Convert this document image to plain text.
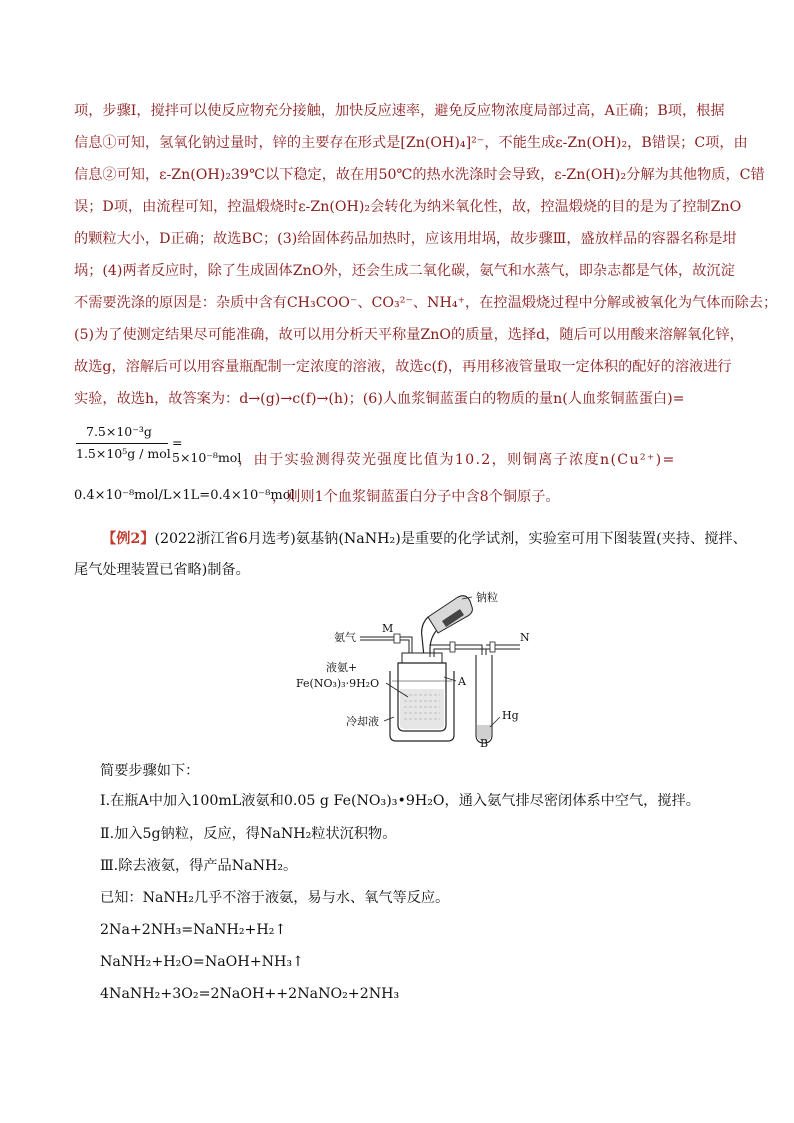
项，步骤Ⅰ，搅拌可以使反应物充分接触，加快反应速率，避免反应物浓度局部过高，A正确；B项，根据
信息①可知，氢氧化钠过量时，锌的主要存在形式是[Zn(OH)₄]²⁻，不能生成ε-Zn(OH)₂，B错误；C项，由
信息②可知，ε-Zn(OH)₂39℃以下稳定，故在用50℃的热水洗涤时会导致，ε-Zn(OH)₂分解为其他物质，C错
误；D项，由流程可知，控温煅烧时ε-Zn(OH)₂会转化为纳米氧化性，故，控温煅烧的目的是为了控制ZnO
的颗粒大小，D正确；故选BC；(3)给固体药品加热时，应该用坩埚，故步骤Ⅲ，盛放样品的容器名称是坩
埚；(4)两者反应时，除了生成固体ZnO外，还会生成二氧化碳，氨气和水蒸气，即杂志都是气体，故沉淀
不需要洗涤的原因是：杂质中含有CH₃COO⁻、CO₃²⁻、NH₄⁺，在控温煅烧过程中分解或被氧化为气体而除去；
(5)为了使测定结果尽可能准确，故可以用分析天平称量ZnO的质量，选择d，随后可以用酸来溶解氧化锌，
故选g，溶解后可以用容量瓶配制一定浓度的溶液，故选c(f)，再用移液管量取一定体积的配好的溶液进行
实验，故选h，故答案为：d→(g)→c(f)→(h)；(6)人血浆铜蓝蛋白的物质的量n(人血浆铜蓝蛋白)=
7.5×10⁻³g
1.5×10⁵g / mol
= 5×10⁻⁸mol
，由于实验测得荧光强度比值为10.2，则铜离子浓度n(Cu²⁺)=
0.4×10⁻⁸mol/L×1L=0.4×10⁻⁸mol
，则则1个血浆铜蓝蛋白分子中含8个铜原子。
【例2】(2022浙江省6月选考)氨基钠(NaNH₂)是重要的化学试剂，实验室可用下图装置(夹持、搅拌、
尾气处理装置已省略)制备。
钠粒
氨气
M
液氨+
Fe(NO₃)₃·9H₂O	A
冷却液
N
Hg
B
简要步骤如下：
Ⅰ.在瓶A中加入100mL液氨和0.05 g Fe(NO₃)₃•9H₂O，通入氨气排尽密闭体系中空气，搅拌。
Ⅱ.加入5g钠粒，反应，得NaNH₂粒状沉积物。
Ⅲ.除去液氨，得产品NaNH₂。
已知：NaNH₂几乎不溶于液氨，易与水、氧气等反应。
2Na+2NH₃=NaNH₂+H₂↑
NaNH₂+H₂O=NaOH+NH₃↑
4NaNH₂+3O₂=2NaOH++2NaNO₂+2NH₃
